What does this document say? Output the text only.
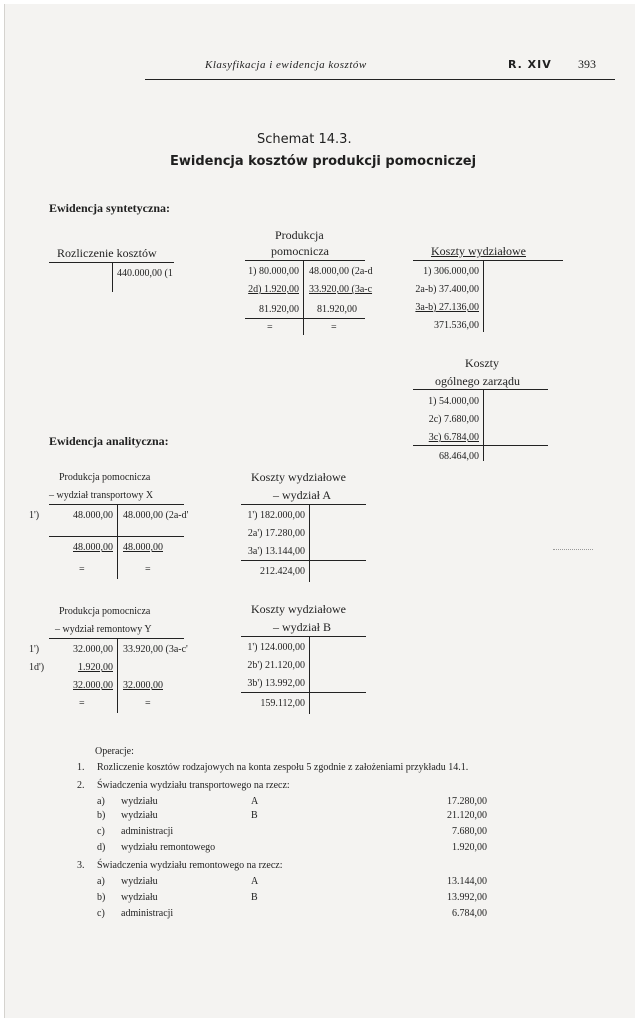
Klasyfikacja i ewidencja kosztów	R. XIV 393
Schemat 14.3.
Ewidencja kosztów produkcji pomocniczej
Ewidencja syntetyczna:
Rozliczenie kosztów
440.000,00 (1
Produkcja
pomocnicza
1) 80.000,00 48.000,00 (2a-d
2d) 1.920,00 33.920,00 (3a-c
81.920,00 81.920,00
=	=
Koszty wydziałowe
1) 306.000,00
2a-b) 37.400,00
3a-b) 27.136,00
371.536,00
Koszty
ogólnego zarządu
1) 54.000,00
2c) 7.680,00
3c) 6.784,00
68.464,00
Ewidencja analityczna:
Produkcja pomocnicza
– wydział transportowy X
1')	48.000,00 48.000,00 (2a-d'
48.000,00 48.000,00
=	=
Koszty wydziałowe
– wydział A
1') 182.000,00
2a') 17.280,00
3a') 13.144,00
212.424,00
Produkcja pomocnicza
– wydział remontowy Y
1')	32.000,00 33.920,00 (3a-c'
1d')	1.920,00
32.000,00 32.000,00
=	=
Koszty wydziałowe
– wydział B
1') 124.000,00
2b') 21.120,00
3b') 13.992,00
159.112,00
Operacje:
1. Rozliczenie kosztów rodzajowych na konta zespołu 5 zgodnie z założeniami przykładu 14.1.
2. Świadczenia wydziału transportowego na rzecz:
a) wydziału	A	17.280,00
b) wydziału	B	21.120,00
c) administracji	7.680,00
d) wydziału remontowego	1.920,00
3. Świadczenia wydziału remontowego na rzecz:
a) wydziału	A	13.144,00
b) wydziału	B	13.992,00
c) administracji	6.784,00
